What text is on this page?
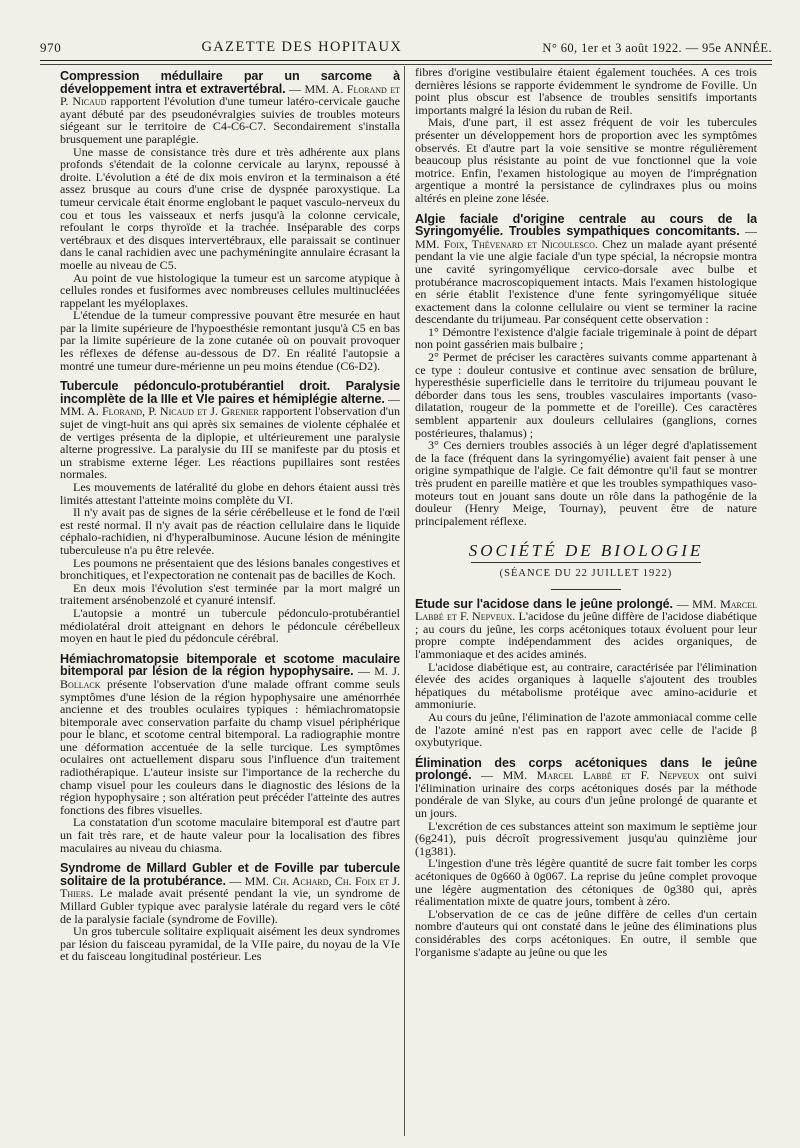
970	GAZETTE DES HOPITAUX	N° 60, 1er et 3 août 1922. — 95e ANNÉE.

Compression médullaire par un sarcome à développement intra et extravertébral. — MM. A. Florand et P. Nicaud rapportent l'évolution d'une tumeur latéro-cervicale gauche ayant débuté par des pseudonévralgies suivies de troubles moteurs siégeant sur le territoire de C4-C6-C7. Secondairement s'installa brusquement une paraplégie.

Une masse de consistance très dure et très adhérente aux plans profonds s'étendait de la colonne cervicale au larynx, repoussé à droite. L'évolution a été de dix mois environ et la terminaison a été assez brusque au cours d'une crise de dyspnée paroxystique. La tumeur cervicale était énorme englobant le paquet vasculo-nerveux du cou et tous les vaisseaux et nerfs jusqu'à la colonne cervicale, refoulant le corps thyroïde et la trachée. Inséparable des corps vertébraux et des disques intervertébraux, elle paraissait se continuer dans le canal rachidien avec une pachyméningite annulaire écrasant la moelle au niveau de C5.

Au point de vue histologique la tumeur est un sarcome atypique à cellules rondes et fusiformes avec nombreuses cellules multinucléées rappelant les myéloplaxes.

L'étendue de la tumeur compressive pouvant être mesurée en haut par la limite supérieure de l'hypoesthésie remontant jusqu'à C5 en bas par la limite supérieure de la zone cutanée où on pouvait provoquer les réflexes de défense au-dessous de D7. En réalité l'autopsie a montré une tumeur dure-mérienne un peu moins étendue (C6-D2).

Tubercule pédonculo-protubérantiel droit. Paralysie incomplète de la IIIe et VIe paires et hémiplégie alterne. — MM. A. Florand, P. Nicaud et J. Grenier rapportent l'observation d'un sujet de vingt-huit ans qui après six semaines de violente céphalée et de vertiges présenta de la diplopie, et ultérieurement une paralysie alterne progressive. La paralysie du III se manifeste par du ptosis et un strabisme externe léger. Les réactions pupillaires sont restées normales.

Les mouvements de latéralité du globe en dehors étaient aussi très limités attestant l'atteinte moins complète du VI.

Il n'y avait pas de signes de la série cérébelleuse et le fond de l'œil est resté normal. Il n'y avait pas de réaction cellulaire dans le liquide céphalo-rachidien, ni d'hyperalbuminose. Aucune lésion de méningite tuberculeuse n'a pu être relevée.

Les poumons ne présentaient que des lésions banales congestives et bronchitiques, et l'expectoration ne contenait pas de bacilles de Koch.

En deux mois l'évolution s'est terminée par la mort malgré un traitement arsénobenzolé et cyanuré intensif.

L'autopsie a montré un tubercule pédonculo-protubérantiel médiolatéral droit atteignant en dehors le pédoncule cérébelleux moyen en haut le pied du pédoncule cérébral.

Hémiachromatopsie bitemporale et scotome maculaire bitemporal par lésion de la région hypophysaire. — M. J. Bollack présente l'observation d'une malade offrant comme seuls symptômes d'une lésion de la région hypophysaire une aménorrhée ancienne et des troubles oculaires typiques : hémiachromatopsie bitemporale avec conservation parfaite du champ visuel périphérique pour le blanc, et scotome central bitemporal. La radiographie montre une déformation accentuée de la selle turcique. Les symptômes oculaires ont actuellement disparu sous l'influence d'un traitement radiothérapique. L'auteur insiste sur l'importance de la recherche du champ visuel pour les couleurs dans le diagnostic des lésions de la région hypophysaire ; son altération peut précéder l'atteinte des autres fonctions des fibres visuelles.

La constatation d'un scotome maculaire bitemporal est d'autre part un fait très rare, et de haute valeur pour la localisation des fibres maculaires au niveau du chiasma.

Syndrome de Millard Gubler et de Foville par tubercule solitaire de la protubérance. — MM. Ch. Achard, Ch. Foix et J. Thiers. Le malade avait présenté pendant la vie, un syndrome de Millard Gubler typique avec paralysie latérale du regard vers le côté de la paralysie faciale (syndrome de Foville).

Un gros tubercule solitaire expliquait aisément les deux syndromes par lésion du faisceau pyramidal, de la VIIe paire, du noyau de la VIe et du faisceau longitudinal postérieur. Les

fibres d'origine vestibulaire étaient également touchées. A ces trois dernières lésions se rapporte évidemment le syndrome de Foville. Un point plus obscur est l'absence de troubles sensitifs importants importants malgré la lésion du ruban de Reil.

Mais, d'une part, il est assez fréquent de voir les tubercules présenter un développement hors de proportion avec les symptômes observés. Et d'autre part la voie sensitive se montre régulièrement beaucoup plus résistante au point de vue fonctionnel que la voie motrice. Enfin, l'examen histologique au moyen de l'imprégnation argentique a montré la persistance de cylindraxes plus ou moins altérés en pleine zone lésée.

Algie faciale d'origine centrale au cours de la Syringomyélie. Troubles sympathiques concomitants. — MM. Foix, Thévenard et Nicoulesco. Chez un malade ayant présenté pendant la vie une algie faciale d'un type spécial, la nécropsie montra une cavité syringomyélique cervico-dorsale avec bulbe et protubérance macroscopiquement intacts. Mais l'examen histologique en série établit l'existence d'une fente syringomyélique située exactement dans la colonne cellulaire ou vient se terminer la racine descendante du trijumeau. Par conséquent cette observation :

1° Démontre l'existence d'algie faciale trigeminale à point de départ non point gassérien mais bulbaire ;

2° Permet de préciser les caractères suivants comme appartenant à ce type : douleur contusive et continue avec sensation de brûlure, hyperesthésie superficielle dans le territoire du trijumeau pouvant le déborder dans tous les sens, troubles vasculaires importants (vaso-dilatation, rougeur de la pommette et de l'oreille). Ces caractères semblent appartenir aux douleurs cellulaires (ganglions, cornes postérieures, thalamus) ;

3° Ces derniers troubles associés à un léger degré d'aplatissement de la face (fréquent dans la syringomyélie) avaient fait penser à une origine sympathique de l'algie. Ce fait démontre qu'il faut se montrer très prudent en pareille matière et que les troubles sympathiques vaso-moteurs tout en jouant sans doute un rôle dans la pathogénie de la douleur (Henry Meige, Tournay), peuvent être de nature principalement réflexe.

SOCIÉTÉ DE BIOLOGIE
(SÉANCE DU 22 JUILLET 1922)

Etude sur l'acidose dans le jeûne prolongé. — MM. Marcel Labbé et F. Nepveux. L'acidose du jeûne diffère de l'acidose diabétique ; au cours du jeûne, les corps acétoniques totaux évoluent pour leur propre compte indépendamment des acides organiques, de l'ammoniaque et des acides aminés.

L'acidose diabétique est, au contraire, caractérisée par l'élimination élevée des acides organiques à laquelle s'ajoutent des troubles hépatiques du métabolisme protéique avec amino-acidurie et ammoniurie.

Au cours du jeûne, l'élimination de l'azote ammoniacal comme celle de l'azote aminé n'est pas en rapport avec celle de l'acide β oxybutyrique.

Élimination des corps acétoniques dans le jeûne prolongé. — MM. Marcel Labbé et F. Nepveux ont suivi l'élimination urinaire des corps acétoniques dosés par la méthode pondérale de van Slyke, au cours d'un jeûne prolongé de quarante et un jours.

L'excrétion de ces substances atteint son maximum le septième jour (6g241), puis décroît progressivement jusqu'au quinzième jour (1g381).

L'ingestion d'une très légère quantité de sucre fait tomber les corps acétoniques de 0g660 à 0g067. La reprise du jeûne complet provoque une légère augmentation des cétoniques de 0g380 qui, après réalimentation mixte de quatre jours, tombent à zéro.

L'observation de ce cas de jeûne diffère de celles d'un certain nombre d'auteurs qui ont constaté dans le jeûne des éliminations plus considérables des corps acétoniques. En outre, il semble que l'organisme s'adapte au jeûne ou que les
